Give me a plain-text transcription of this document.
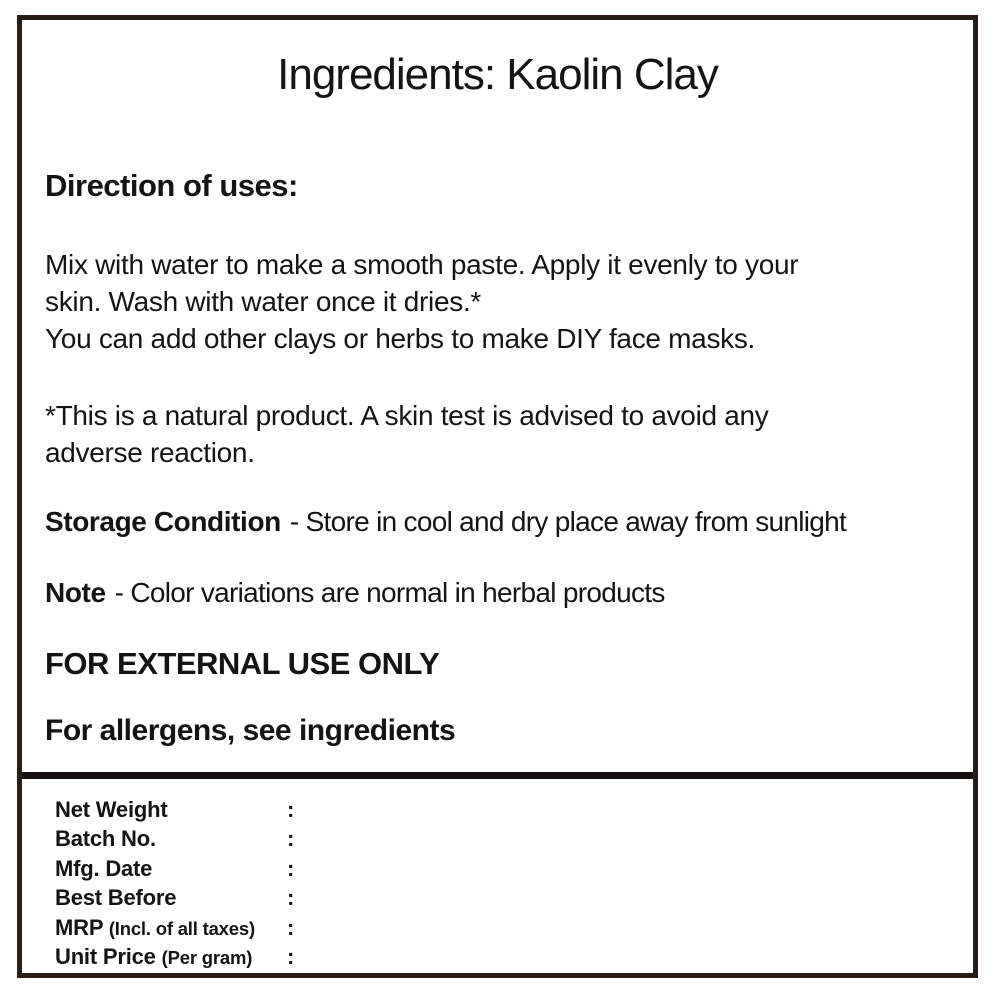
Ingredients: Kaolin Clay
Direction of uses:
Mix with water to make a smooth paste. Apply it evenly to your
skin. Wash with water once it dries.*
You can add other clays or herbs to make DIY face masks.
*This is a natural product. A skin test is advised to avoid any
adverse reaction.
Storage Condition - Store in cool and dry place away from sunlight
Note - Color variations are normal in herbal products
FOR EXTERNAL USE ONLY
For allergens, see ingredients
Net Weight	:
Batch No.	:
Mfg. Date	:
Best Before	:
MRP (Incl. of all taxes)	:
Unit Price (Per gram)	:
